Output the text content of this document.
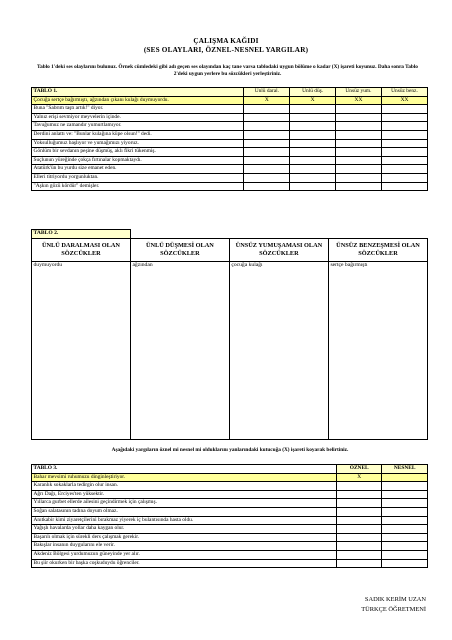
ÇALIŞMA KAĞIDI
(SES OLAYLARI, ÖZNEL-NESNEL YARGILAR)
Tablo 1'deki ses olaylarını bulunuz. Örnek cümledeki gibi adı geçen ses olayından kaç tane varsa tablodaki uygun bölüme o kadar (X) işareti koyunuz. Daha sonra Tablo 2'deki uygun yerlere bu sözcükleri yerleştiriniz.
TABLO 1.	Ünlü daral.	Ünlü düş.	Ünsüz yum.	Ünsüz benz.
Çocuğa sertçe bağırmıştı, ağzından çıkanı kulağı duymuyordu.	X	X	XX	XX
Buna "Sabrım taştı artık!" diyor.				
Yalnız erişi sevmiyor meyvelerin içinde.				
Tavuğumuz ne zamandır yumurtlamıyor.				
Derdini anlattı ve: "Bunlar kulağına küpe olsun!" dedi.				
Yoksulluğumuz başlıyor ve yumağımızı yiyoruz.				
Gönlüm bir sevdanın peşine düşmüş, aklı fikri tükenmiş.				
Suçlunun yüreğinde çokça fırtınalar kopmaktaydı.				
Atatürk'ün bu yurdu size emanet eden.				
Elleri titriyordu yorgunluktan.				
"Aşkın gözü kördür" demişler.				
TABLO 2.			
ÜNLÜ DARALMASI OLAN SÖZCÜKLER	ÜNLÜ DÜŞMESİ OLAN SÖZCÜKLER	ÜNSÜZ YUMUŞAMASI OLAN SÖZCÜKLER	ÜNSÜZ BENZEŞMESİ OLAN SÖZCÜKLER
duymuyordu	ağzından	çocuğa kulağı	sertçe bağırmıştı
Aşağıdaki yargıların öznel mi nesnel mi olduklarını yanlarındaki kutucuğa (X) işareti koyarak belirtiniz.
TABLO 3.	ÖZNEL	NESNEL
Bahar mevsimi ruhumuzu dinginleştiriyor.	X	
Karanlık sokaklarla tedirgin olur insan.		
Ağrı Dağı, Erciyes'ten yüksektir.		
Yıllarca gurbet ellerde ailesini geçindirmek için çalışmış.		
Soğan salatasının tadına doyum olmaz.		
Anıtkabir kimi ziyaretçilerini bırakmaz yiyerek iç bulantısında hasta oldu.		
Yağışlı havalarda yollar daha kaygan olur.		
Başarılı olmak için sürekli ders çalışmak gerekir.		
Bakışlar insanın duygularını ele verir.		
Akdeniz Bölgesi yurdumuzun güneyinde yer alır.		
Bu şiir okurken bir başka coşkuduydu öğrenciler.		
SADIK KERİM UZAN
TÜRKÇE ÖĞRETMENİ
